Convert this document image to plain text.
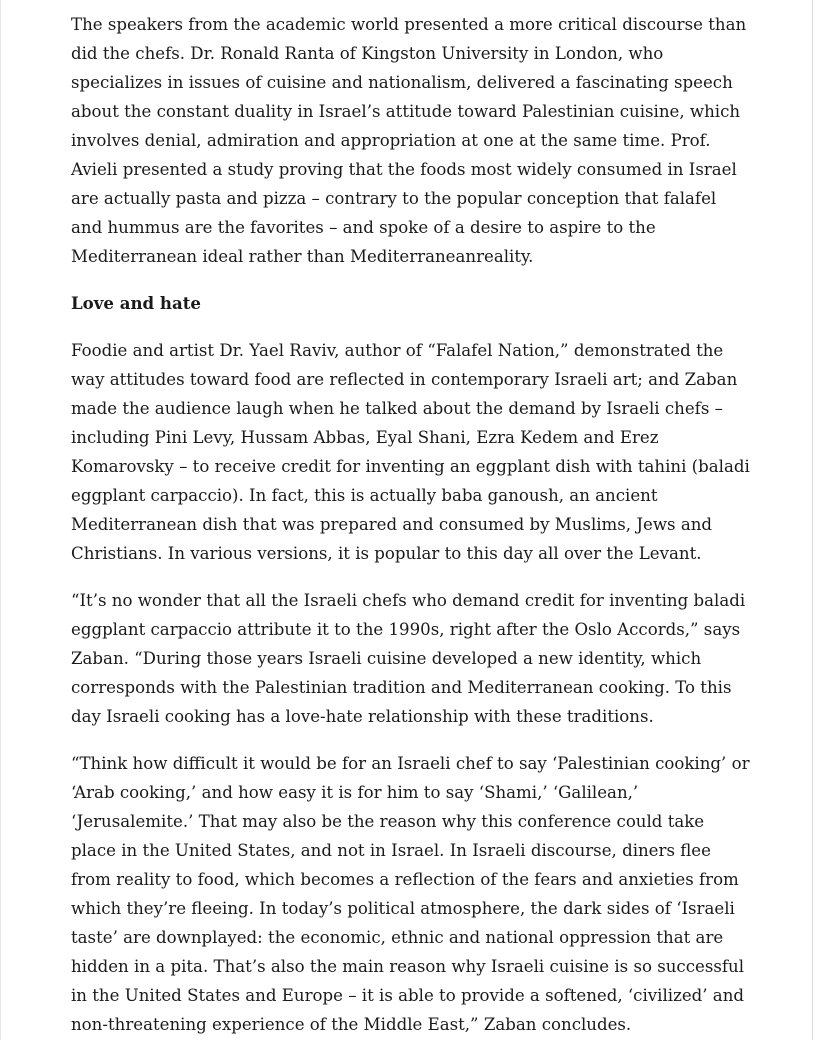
The speakers from the academic world presented a more critical discourse than did the chefs. Dr. Ronald Ranta of Kingston University in London, who specializes in issues of cuisine and nationalism, delivered a fascinating speech about the constant duality in Israel’s attitude toward Palestinian cuisine, which involves denial, admiration and appropriation at one at the same time. Prof. Avieli presented a study proving that the foods most widely consumed in Israel are actually pasta and pizza – contrary to the popular conception that falafel and hummus are the favorites – and spoke of a desire to aspire to the Mediterranean ideal rather than Mediterraneanreality.

Love and hate

Foodie and artist Dr. Yael Raviv, author of “Falafel Nation,” demonstrated the way attitudes toward food are reflected in contemporary Israeli art; and Zaban made the audience laugh when he talked about the demand by Israeli chefs – including Pini Levy, Hussam Abbas, Eyal Shani, Ezra Kedem and Erez Komarovsky – to receive credit for inventing an eggplant dish with tahini (baladi eggplant carpaccio). In fact, this is actually baba ganoush, an ancient Mediterranean dish that was prepared and consumed by Muslims, Jews and Christians. In various versions, it is popular to this day all over the Levant.

“It’s no wonder that all the Israeli chefs who demand credit for inventing baladi eggplant carpaccio attribute it to the 1990s, right after the Oslo Accords,” says Zaban. “During those years Israeli cuisine developed a new identity, which corresponds with the Palestinian tradition and Mediterranean cooking. To this day Israeli cooking has a love-hate relationship with these traditions.

“Think how difficult it would be for an Israeli chef to say ‘Palestinian cooking’ or ‘Arab cooking,’ and how easy it is for him to say ‘Shami,’ ‘Galilean,’ ‘Jerusalemite.’ That may also be the reason why this conference could take place in the United States, and not in Israel. In Israeli discourse, diners flee from reality to food, which becomes a reflection of the fears and anxieties from which they’re fleeing. In today’s political atmosphere, the dark sides of ‘Israeli taste’ are downplayed: the economic, ethnic and national oppression that are hidden in a pita. That’s also the main reason why Israeli cuisine is so successful in the United States and Europe – it is able to provide a softened, ‘civilized’ and non-threatening experience of the Middle East,” Zaban concludes.
